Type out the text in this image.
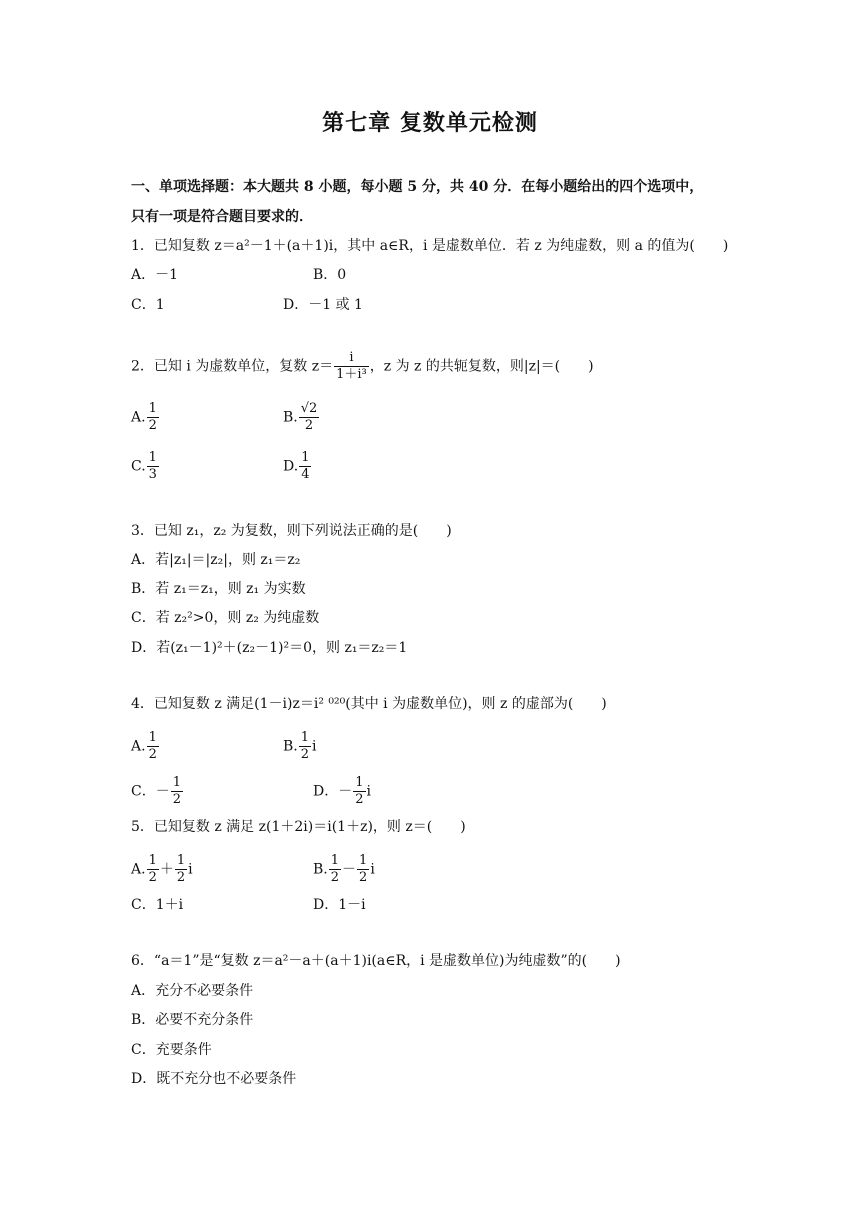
第七章 复数单元检测
一、单项选择题：本大题共 8 小题，每小题 5 分，共 40 分．在每小题给出的四个选项中，
只有一项是符合题目要求的．
1．已知复数 z＝a²－1＋(a＋1)i，其中 a∈R，i 是虚数单位．若 z 为纯虚数，则 a 的值为(　　)
A．－1	B．0
C．1	D．－1 或 1
2．已知 i 为虚数单位，复数 $z= \frac{i}{\text{1＋i³}}$ ，z 为 z 的共轭复数，则|z|＝(　　)
A. $\frac{1}{2}$	B. $\frac{√2}{2}$
C. $\frac{1}{3}$	D. $\frac{1}{4}$
3．已知 z₁，z₂ 为复数，则下列说法正确的是(　　)
A．若|z₁|＝|z₂|，则 z₁＝z₂
B．若 z₁＝z₁，则 z₁ 为实数
C．若 z₂²>0，则 z₂ 为纯虚数
D．若(z₁－1)²＋(z₂－1)²＝0，则 z₁＝z₂＝1
4．已知复数 z 满足(1－i)z＝i² ⁰²⁰(其中 i 为虚数单位)，则 z 的虚部为(　　)
A. $\frac{1}{2}$	B. $\frac{1}{2}$ i
C．－ $\frac{1}{2}$	D．－ $\frac{1}{2}$ i
5．已知复数 z 满足 z(1＋2i)＝i(1＋z)，则 z＝(　　)
A. $\frac{1}{2} + \frac{1}{2}$ i	B. $\frac{1}{2} - \frac{1}{2}$ i
C．1＋i	D．1－i
6．“a＝1”是“复数 z＝a²－a＋(a＋1)i(a∈R，i 是虚数单位)为纯虚数”的(　　)
A．充分不必要条件
B．必要不充分条件
C．充要条件
D．既不充分也不必要条件
